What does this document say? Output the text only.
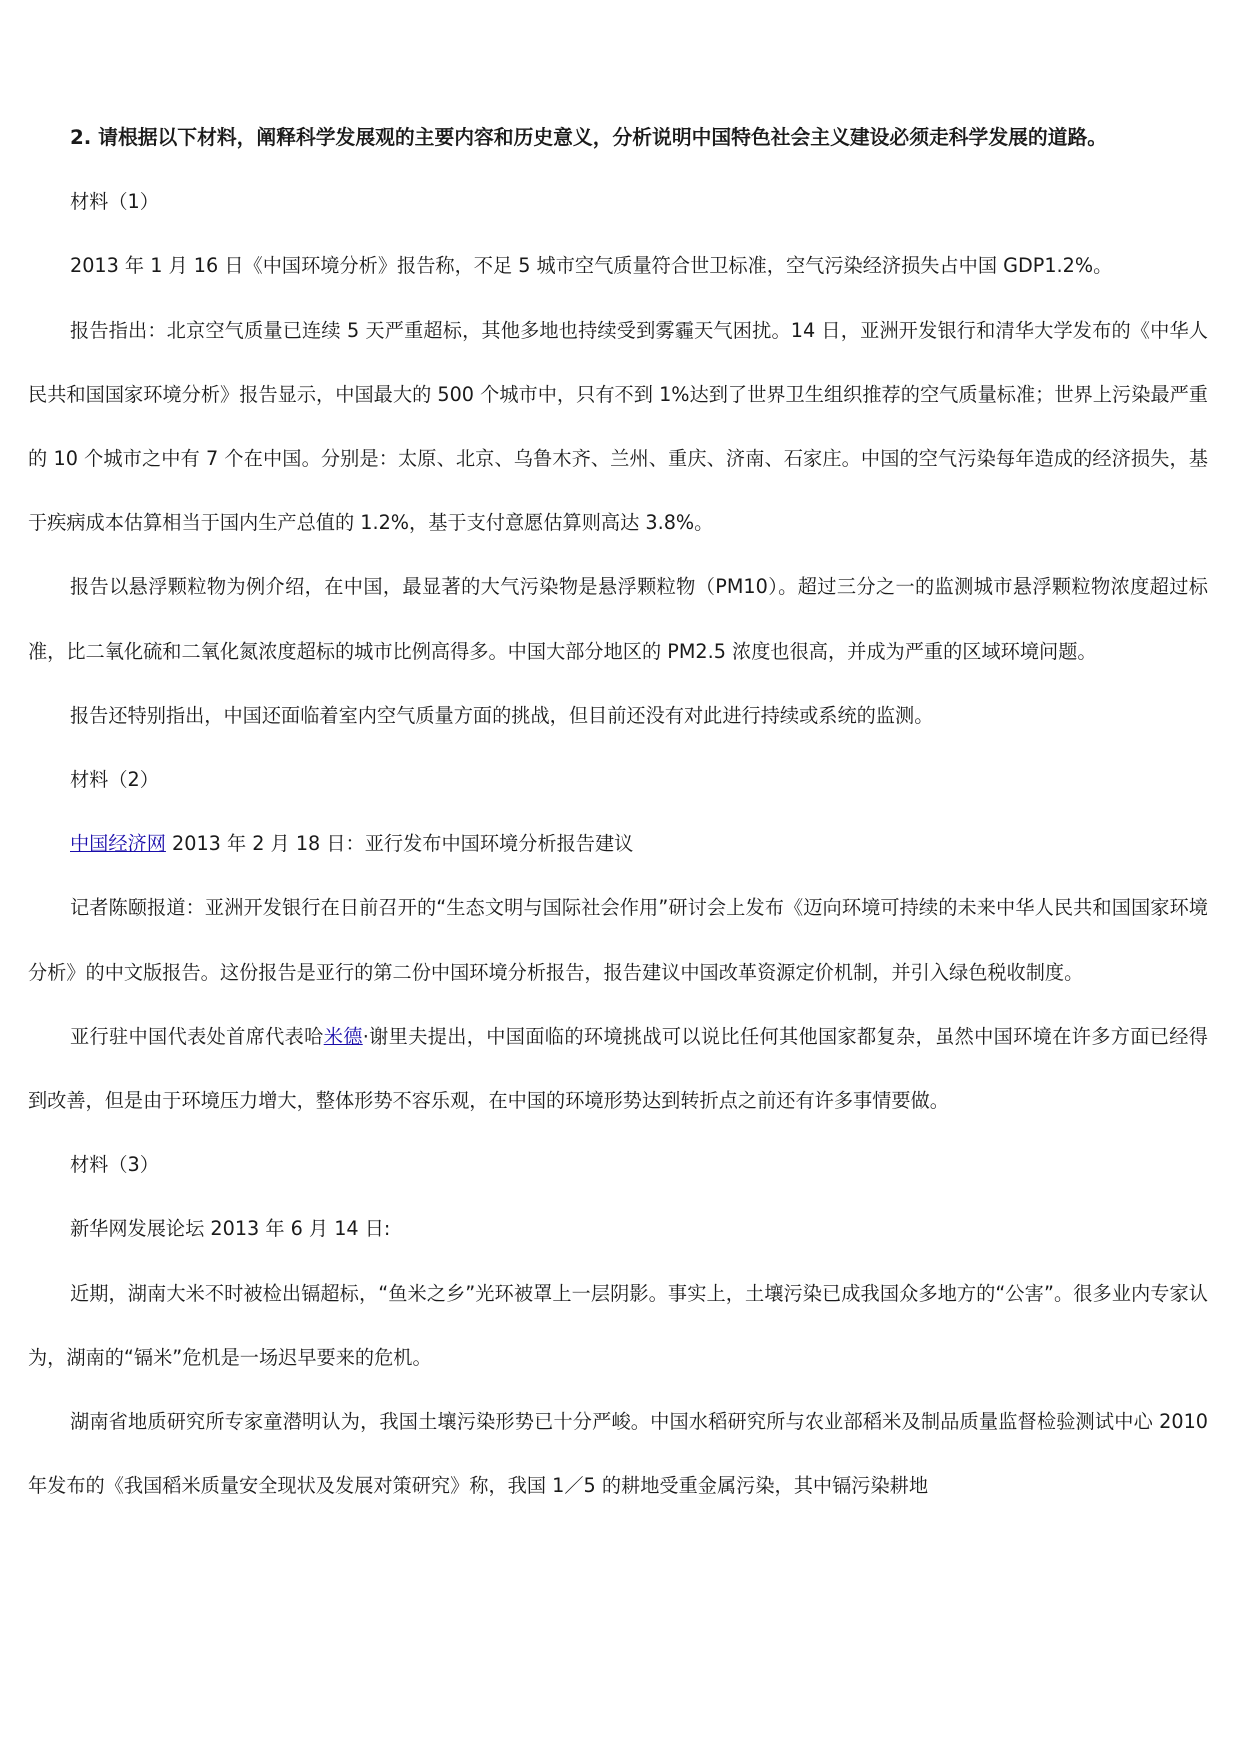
2. 请根据以下材料，阐释科学发展观的主要内容和历史意义，分析说明中国特色社会主义建设必须走科学发展的道路。

材料（1）

2013 年 1 月 16 日《中国环境分析》报告称，不足 5 城市空气质量符合世卫标准，空气污染经济损失占中国 GDP1.2%。

报告指出：北京空气质量已连续 5 天严重超标，其他多地也持续受到雾霾天气困扰。14 日，亚洲开发银行和清华大学发布的《中华人民共和国国家环境分析》报告显示，中国最大的 500 个城市中，只有不到 1%达到了世界卫生组织推荐的空气质量标准；世界上污染最严重的 10 个城市之中有 7 个在中国。分别是：太原、北京、乌鲁木齐、兰州、重庆、济南、石家庄。中国的空气污染每年造成的经济损失，基于疾病成本估算相当于国内生产总值的 1.2%，基于支付意愿估算则高达 3.8%。

报告以悬浮颗粒物为例介绍，在中国，最显著的大气污染物是悬浮颗粒物（PM10）。超过三分之一的监测城市悬浮颗粒物浓度超过标准，比二氧化硫和二氧化氮浓度超标的城市比例高得多。中国大部分地区的 PM2.5 浓度也很高，并成为严重的区域环境问题。

报告还特别指出，中国还面临着室内空气质量方面的挑战，但目前还没有对此进行持续或系统的监测。

材料（2）

中国经济网 2013 年 2 月 18 日：亚行发布中国环境分析报告建议

记者陈颐报道：亚洲开发银行在日前召开的“生态文明与国际社会作用”研讨会上发布《迈向环境可持续的未来中华人民共和国国家环境分析》的中文版报告。这份报告是亚行的第二份中国环境分析报告，报告建议中国改革资源定价机制，并引入绿色税收制度。

亚行驻中国代表处首席代表哈米德·谢里夫提出，中国面临的环境挑战可以说比任何其他国家都复杂，虽然中国环境在许多方面已经得到改善，但是由于环境压力增大，整体形势不容乐观，在中国的环境形势达到转折点之前还有许多事情要做。

材料（3）

新华网发展论坛 2013 年 6 月 14 日:

近期，湖南大米不时被检出镉超标，“鱼米之乡”光环被罩上一层阴影。事实上，土壤污染已成我国众多地方的“公害”。很多业内专家认为，湖南的“镉米”危机是一场迟早要来的危机。

湖南省地质研究所专家童潜明认为，我国土壤污染形势已十分严峻。中国水稻研究所与农业部稻米及制品质量监督检验测试中心 2010 年发布的《我国稻米质量安全现状及发展对策研究》称，我国 1／5 的耕地受重金属污染，其中镉污染耕地
